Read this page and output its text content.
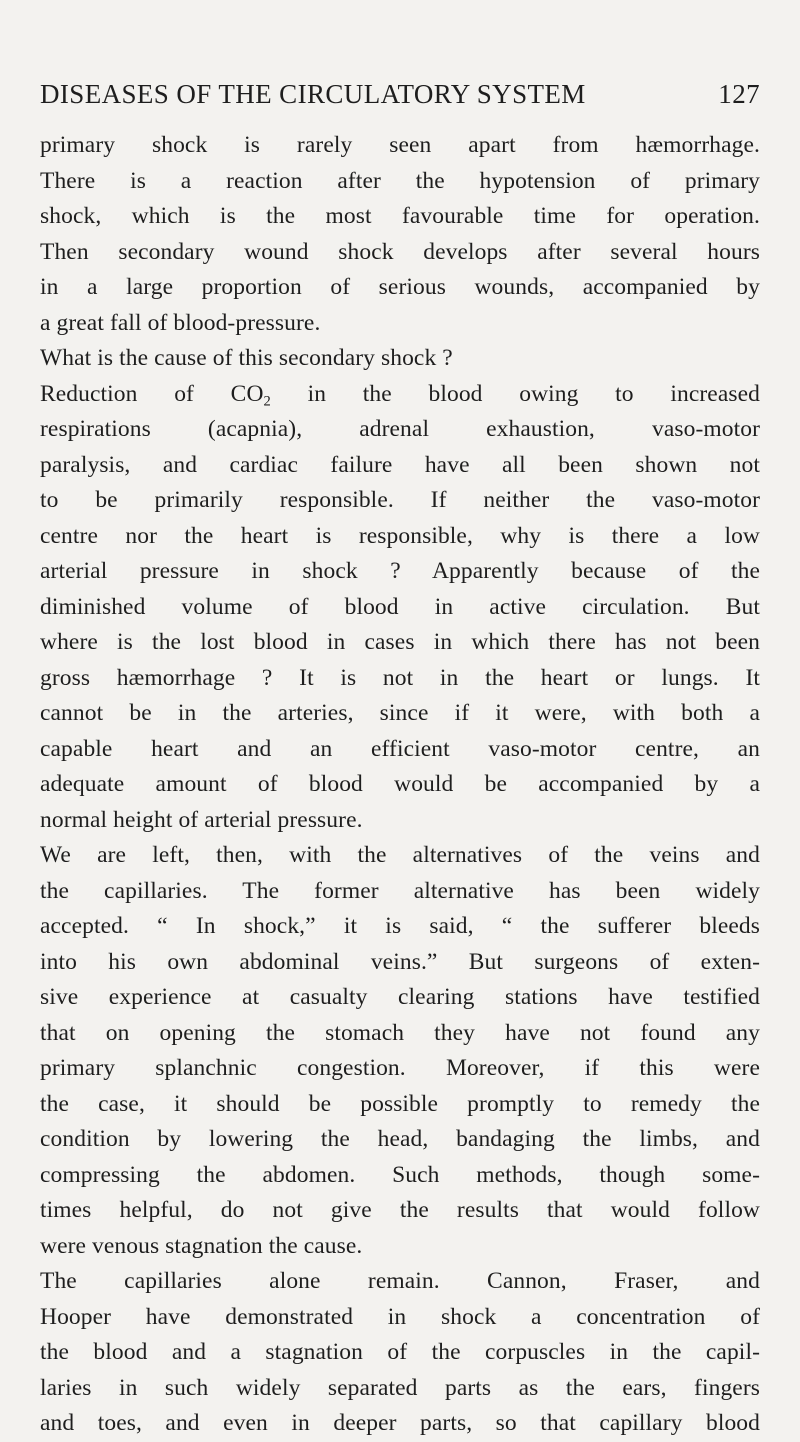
DISEASES OF THE CIRCULATORY SYSTEM	127
primary shock is rarely seen apart from hæmorrhage.
There is a reaction after the hypotension of primary
shock, which is the most favourable time for operation.
Then secondary wound shock develops after several hours
in a large proportion of serious wounds, accompanied by
a great fall of blood-pressure.
What is the cause of this secondary shock ?
Reduction of $CO_2$ in the blood owing to increased
respirations (acapnia), adrenal exhaustion, vaso-motor
paralysis, and cardiac failure have all been shown not
to be primarily responsible. If neither the vaso-motor
centre nor the heart is responsible, why is there a low
arterial pressure in shock ? Apparently because of the
diminished volume of blood in active circulation. But
where is the lost blood in cases in which there has not been
gross hæmorrhage ? It is not in the heart or lungs. It
cannot be in the arteries, since if it were, with both a
capable heart and an efficient vaso-motor centre, an
adequate amount of blood would be accompanied by a
normal height of arterial pressure.
We are left, then, with the alternatives of the veins and
the capillaries. The former alternative has been widely
accepted. “ In shock,” it is said, “ the sufferer bleeds
into his own abdominal veins.” But surgeons of exten-
sive experience at casualty clearing stations have testified
that on opening the stomach they have not found any
primary splanchnic congestion. Moreover, if this were
the case, it should be possible promptly to remedy the
condition by lowering the head, bandaging the limbs, and
compressing the abdomen. Such methods, though some-
times helpful, do not give the results that would follow
were venous stagnation the cause.
The capillaries alone remain. Cannon, Fraser, and
Hooper have demonstrated in shock a concentration of
the blood and a stagnation of the corpuscles in the capil-
laries in such widely separated parts as the ears, fingers
and toes, and even in deeper parts, so that capillary blood
